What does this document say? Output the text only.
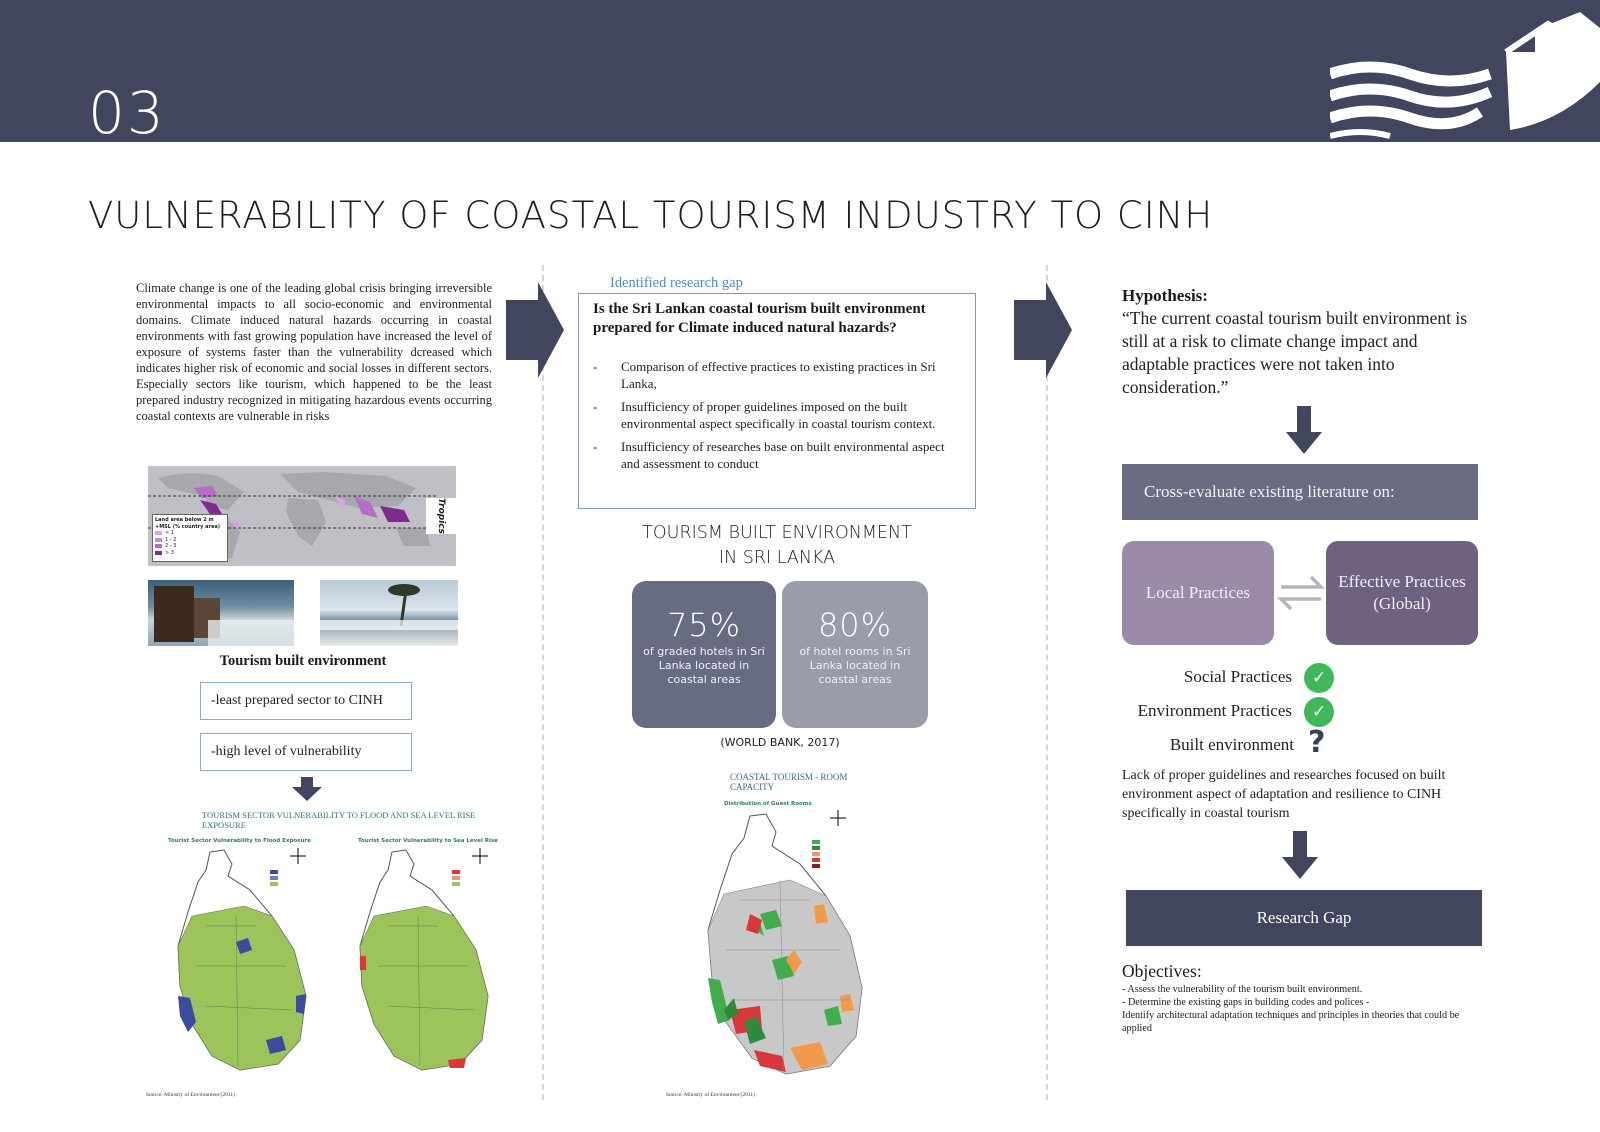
03
VULNERABILITY OF COASTAL TOURISM INDUSTRY TO CINH

Climate change is one of the leading global crisis bringing irreversible environmental impacts to all socio-economic and environmental domains. Climate induced natural hazards occurring in coastal environments with fast growing population have increased the level of exposure of systems faster than the vulnerability dcreased which indicates higher risk of economic and social losses in different sectors. Especially sectors like tourism, which happened to be the least prepared industry recognized in mitigating hazardous events occurring coastal contexts are vulnerable in risks

Land area below 2 m +MSL (% country area)
< 1
1 - 2
2 - 3
> 3
Tropics
Tourism built environment
-least prepared sector to CINH
-high level of vulnerability
TOURISM SECTOR VULNERABILITY TO FLOOD AND SEA LEVEL RISE EXPOSURE
Tourist Sector Vulnerability to Flood Exposure	Tourist Sector Vulnerability to Sea Level Rise
Source: Ministry of Environment (2011)
Identified research gap

Is the Sri Lankan coastal tourism built environment prepared for Climate induced natural hazards?

-	Comparison of effective practices to existing practices in Sri Lanka,
-	Insufficiency of proper guidelines imposed on the built environmental aspect specifically in coastal tourism context.
-	Insufficiency of researches base on built environmental aspect and assessment to conduct
TOURISM BUILT ENVIRONMENT
IN SRI LANKA
75%
of graded hotels in Sri Lanka located in coastal areas
80%
of hotel rooms in Sri Lanka located in coastal areas
(WORLD BANK, 2017)
COASTAL TOURISM - ROOM CAPACITY
Distribution of Guest Rooms
Source: Ministry of Environment (2011)
Hypothesis:

“The current coastal tourism built environment is still at a risk to climate change impact and adaptable practices were not taken into consideration.”

Cross-evaluate existing literature on:
Local Practices
Effective Practices (Global)
Social Practices	✓
Environment Practices	✓
Built environment ?

Lack of proper guidelines and researches focused on built environment aspect of adaptation and resilience to CINH specifically in coastal tourism

Research Gap
Objectives:
- Assess the vulnerability of the tourism built environment.
- Determine the existing gaps in building codes and polices -
Identify architectural adaptation techniques and principles in theories that could be applied
